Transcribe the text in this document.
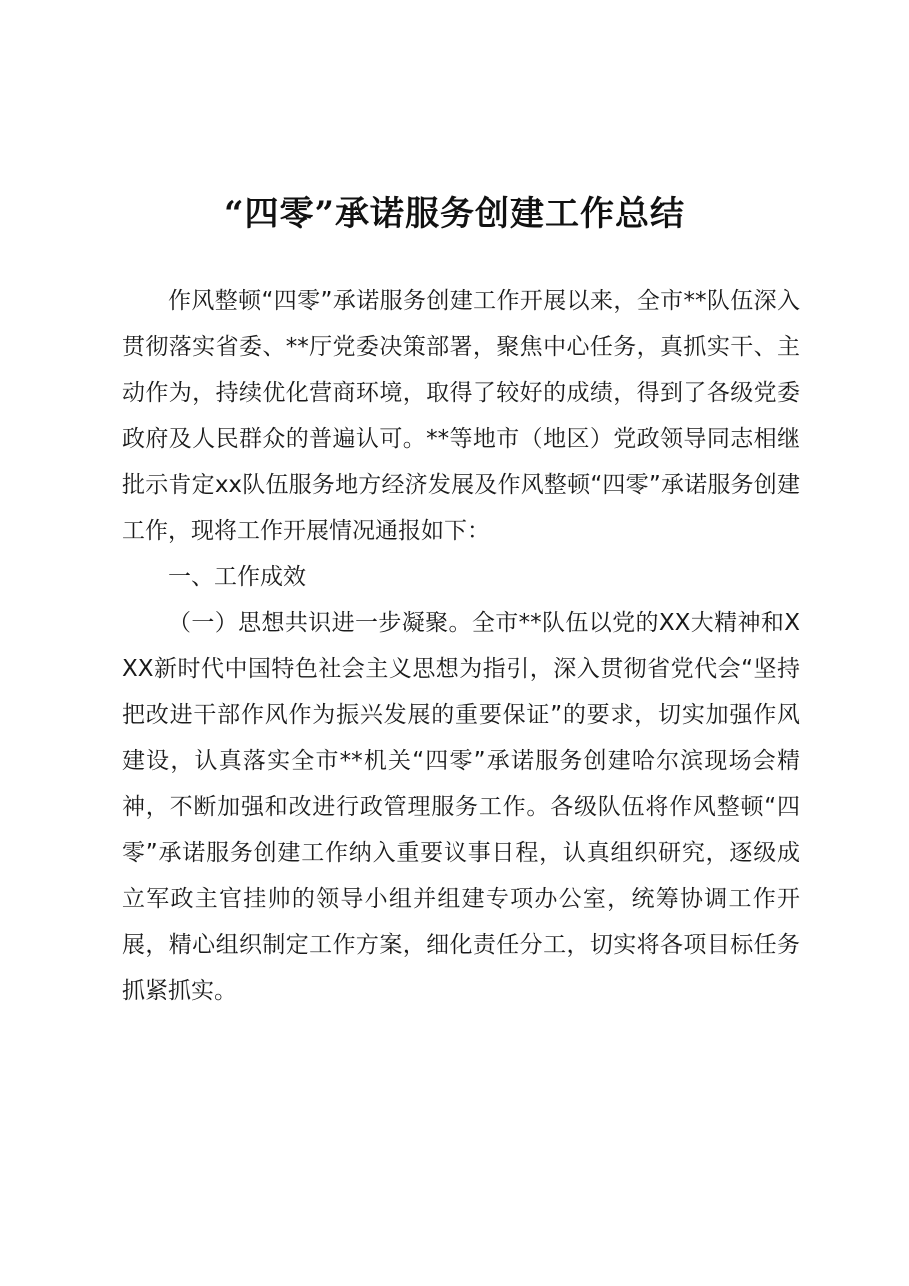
“四零”承诺服务创建工作总结

作风整顿“四零”承诺服务创建工作开展以来，全市**队伍深入贯彻落实省委、**厅党委决策部署，聚焦中心任务，真抓实干、主动作为，持续优化营商环境，取得了较好的成绩，得到了各级党委政府及人民群众的普遍认可。**等地市（地区）党政领导同志相继批示肯定xx队伍服务地方经济发展及作风整顿“四零”承诺服务创建工作，现将工作开展情况通报如下：

一、工作成效

（一）思想共识进一步凝聚。全市**队伍以党的XX大精神和XXX新时代中国特色社会主义思想为指引，深入贯彻省党代会“坚持把改进干部作风作为振兴发展的重要保证”的要求，切实加强作风建设，认真落实全市**机关“四零”承诺服务创建哈尔滨现场会精神，不断加强和改进行政管理服务工作。各级队伍将作风整顿“四零”承诺服务创建工作纳入重要议事日程，认真组织研究，逐级成立军政主官挂帅的领导小组并组建专项办公室，统筹协调工作开展，精心组织制定工作方案，细化责任分工，切实将各项目标任务抓紧抓实。
